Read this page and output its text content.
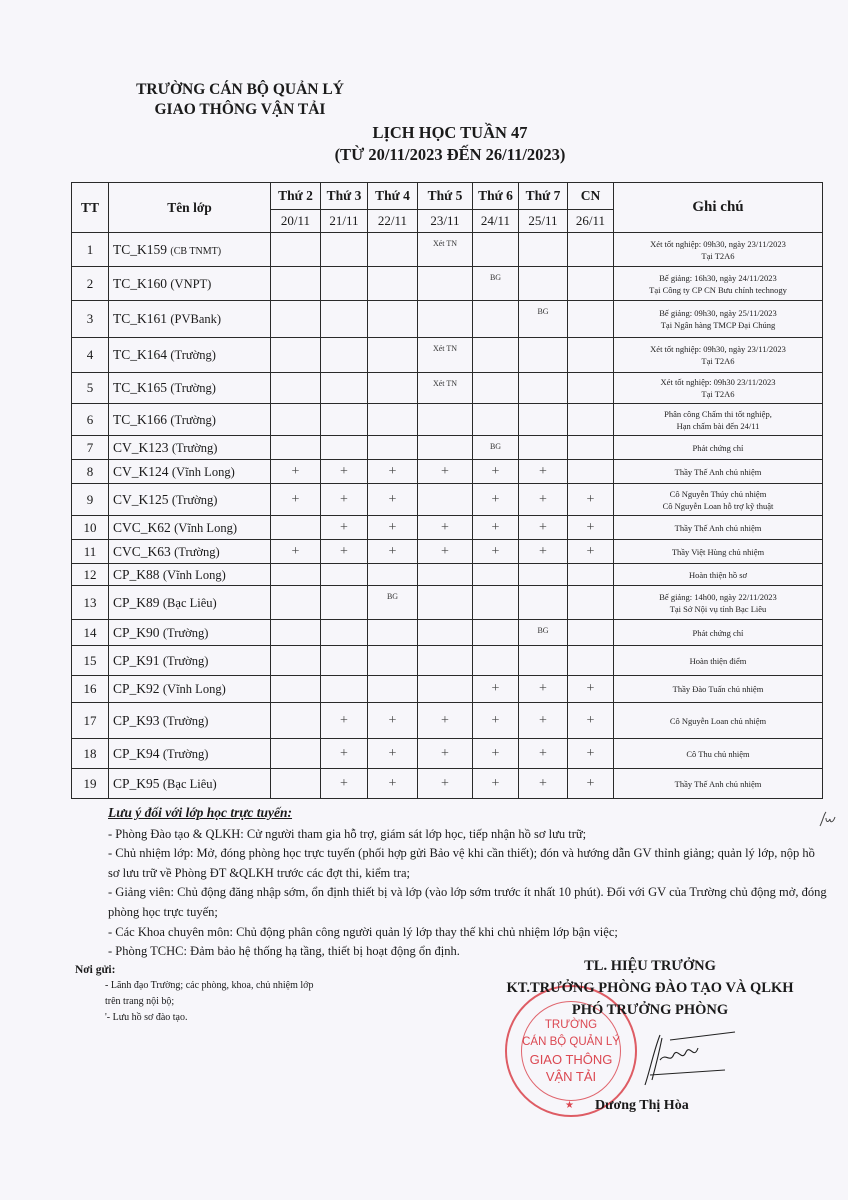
TRƯỜNG CÁN BỘ QUẢN LÝ
GIAO THÔNG VẬN TẢI
LỊCH HỌC TUẦN 47
(TỪ 20/11/2023 ĐẾN 26/11/2023)
TT	Tên lớp	Thứ 2	Thứ 3	Thứ 4	Thứ 5	Thứ 6	Thứ 7	CN	Ghi chú
		20/11	21/11	22/11	23/11	24/11	25/11	26/11	
1	TC_K159 (CB TNMT)				Xét TN				Xét tốt nghiệp: 09h30, ngày 23/11/2023
Tại T2A6

2	TC_K160 (VNPT)					BG			Bế giảng: 16h30, ngày 24/11/2023
Tại Công ty CP CN Bưu chính technogy

3	TC_K161 (PVBank)						BG		Bế giảng: 09h30, ngày 25/11/2023
Tại Ngân hàng TMCP Đại Chúng

4	TC_K164 (Trường)				Xét TN				Xét tốt nghiệp: 09h30, ngày 23/11/2023
Tại T2A6

5	TC_K165 (Trường)				Xét TN				Xét tốt nghiệp: 09h30 23/11/2023
Tại T2A6

6	TC_K166 (Trường)								Phân công Chấm thi tốt nghiệp,
Hạn chấm bài đến 24/11

7	CV_K123 (Trường)					BG			Phát chứng chỉ

8	CV_K124 (Vĩnh Long)	+	+	+	+	+	+		Thầy Thế Anh chủ nhiệm

9	CV_K125 (Trường)	+	+	+		+	+	+	Cô Nguyễn Thúy chủ nhiệm
Cô Nguyễn Loan hỗ trợ kỹ thuật

10	CVC_K62 (Vĩnh Long)		+	+	+	+	+	+	Thầy Thế Anh chủ nhiệm

11	CVC_K63 (Trường)	+	+	+	+	+	+	+	Thầy Việt Hùng chủ nhiệm

12	CP_K88 (Vĩnh Long)								Hoàn thiện hồ sơ

13	CP_K89 (Bạc Liêu)			BG					Bế giảng: 14h00, ngày 22/11/2023
Tại Sở Nội vụ tỉnh Bạc Liêu

14	CP_K90 (Trường)						BG		Phát chứng chỉ

15	CP_K91 (Trường)								Hoàn thiện điểm

16	CP_K92 (Vĩnh Long)					+	+	+	Thầy Đào Tuấn chủ nhiệm

17	CP_K93 (Trường)		+	+	+	+	+	+	Cô Nguyễn Loan chủ nhiệm

18	CP_K94 (Trường)		+	+	+	+	+	+	Cô Thu chủ nhiệm

19	CP_K95 (Bạc Liêu)		+	+	+	+	+	+	Thầy Thế Anh chủ nhiệm
Lưu ý đối với lớp học trực tuyến:
- Phòng Đào tạo & QLKH: Cử người tham gia hỗ trợ, giám sát lớp học, tiếp nhận hồ sơ lưu trữ;
- Chủ nhiệm lớp: Mở, đóng phòng học trực tuyến (phối hợp gửi Bảo vệ khi cần thiết); đón và hướng dẫn GV thỉnh giảng; quản lý lớp, nộp hồ sơ lưu trữ về Phòng ĐT &QLKH trước các đợt thi, kiểm tra;
- Giảng viên: Chủ động đăng nhập sớm, ổn định thiết bị và lớp (vào lớp sớm trước ít nhất 10 phút). Đối với GV của Trường chủ động mở, đóng phòng học trực tuyến;
- Các Khoa chuyên môn: Chủ động phân công người quản lý lớp thay thế khi chủ nhiệm lớp bận việc;
- Phòng TCHC: Đảm bảo hệ thống hạ tầng, thiết bị hoạt động ổn định.
Nơi gửi:
- Lãnh đạo Trường; các phòng, khoa, chủ nhiệm lớp
trên trang nội bộ;
'- Lưu hồ sơ đào tạo.
TRƯỜNG
CÁN BỘ QUẢN LÝ
GIAO THÔNG
VẬN TẢI
★
TL. HIỆU TRƯỞNG
KT.TRƯỞNG PHÒNG ĐÀO TẠO VÀ QLKH
PHÓ TRƯỞNG PHÒNG
Dương Thị Hòa
